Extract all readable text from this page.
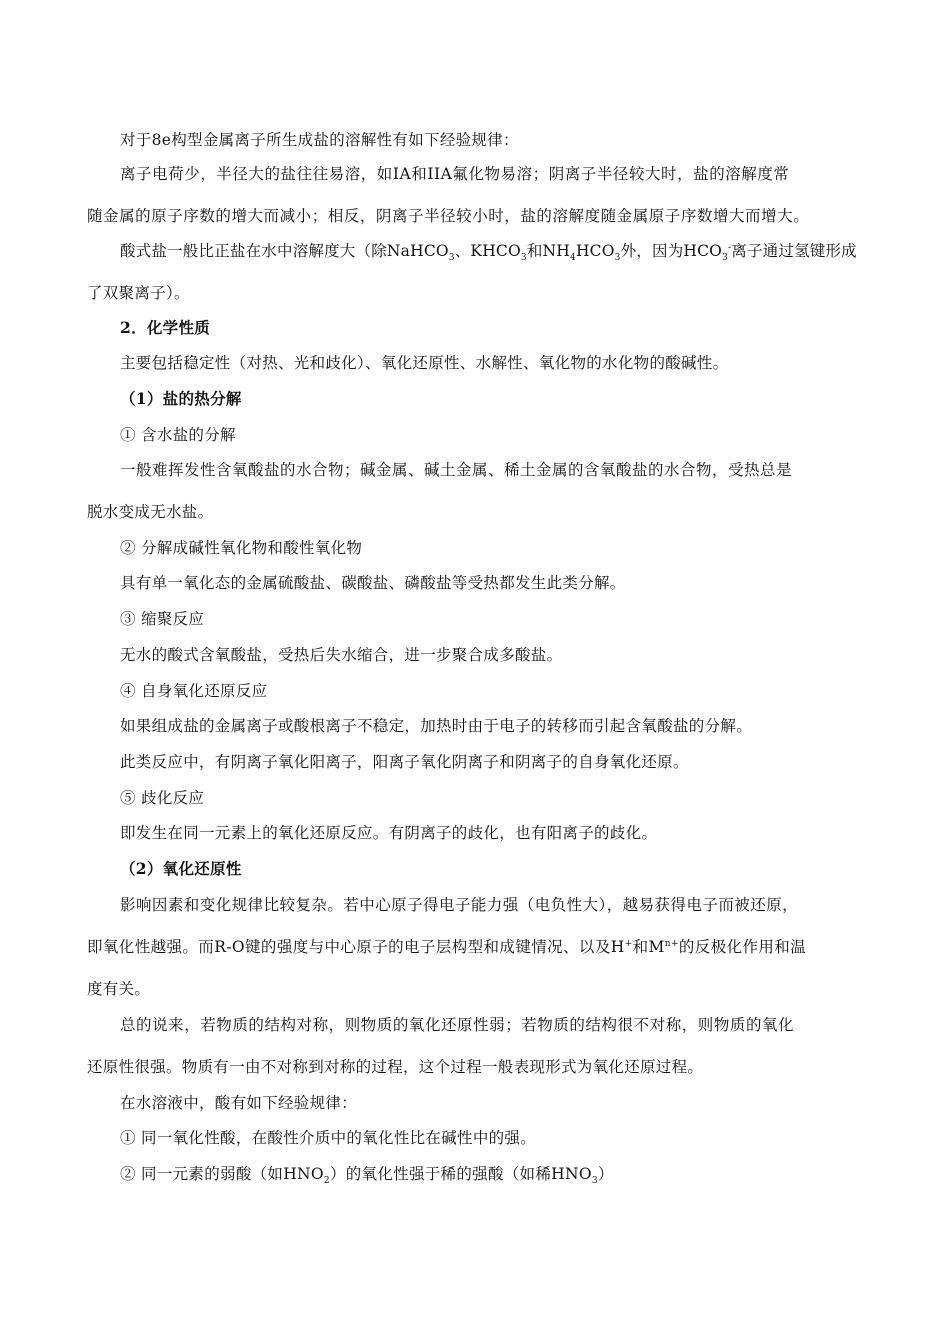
对于8e构型金属离子所生成盐的溶解性有如下经验规律：
离子电荷少，半径大的盐往往易溶，如IA和IIA氟化物易溶；阴离子半径较大时，盐的溶解度常
随金属的原子序数的增大而减小；相反，阴离子半径较小时，盐的溶解度随金属原子序数增大而增大。
酸式盐一般比正盐在水中溶解度大（除NaHCO$_3$、$KHCO_3$和$NH_4HCO_3$外，因为$HCO_3^-$离子通过氢键形成
了双聚离子）。
2．化学性质
主要包括稳定性（对热、光和歧化）、氧化还原性、水解性、氧化物的水化物的酸碱性。
（1）盐的热分解
① 含水盐的分解
一般难挥发性含氧酸盐的水合物；碱金属、碱土金属、稀土金属的含氧酸盐的水合物，受热总是
脱水变成无水盐。
② 分解成碱性氧化物和酸性氧化物
具有单一氧化态的金属硫酸盐、碳酸盐、磷酸盐等受热都发生此类分解。
③ 缩聚反应
无水的酸式含氧酸盐，受热后失水缩合，进一步聚合成多酸盐。
④ 自身氧化还原反应
如果组成盐的金属离子或酸根离子不稳定，加热时由于电子的转移而引起含氧酸盐的分解。
此类反应中，有阴离子氧化阳离子，阳离子氧化阴离子和阴离子的自身氧化还原。
⑤ 歧化反应
即发生在同一元素上的氧化还原反应。有阴离子的歧化，也有阳离子的歧化。
（2）氧化还原性
影响因素和变化规律比较复杂。若中心原子得电子能力强（电负性大），越易获得电子而被还原，
即氧化性越强。而R-O键的强度与中心原子的电子层构型和成键情况、以及H+和$M^{n+}$的反极化作用和温
度有关。
总的说来，若物质的结构对称，则物质的氧化还原性弱；若物质的结构很不对称，则物质的氧化
还原性很强。物质有一由不对称到对称的过程，这个过程一般表现形式为氧化还原过程。
在水溶液中，酸有如下经验规律：
① 同一氧化性酸，在酸性介质中的氧化性比在碱性中的强。
② 同一元素的弱酸（如$HNO_2$）的氧化性强于稀的强酸（如稀$HNO_3$）
